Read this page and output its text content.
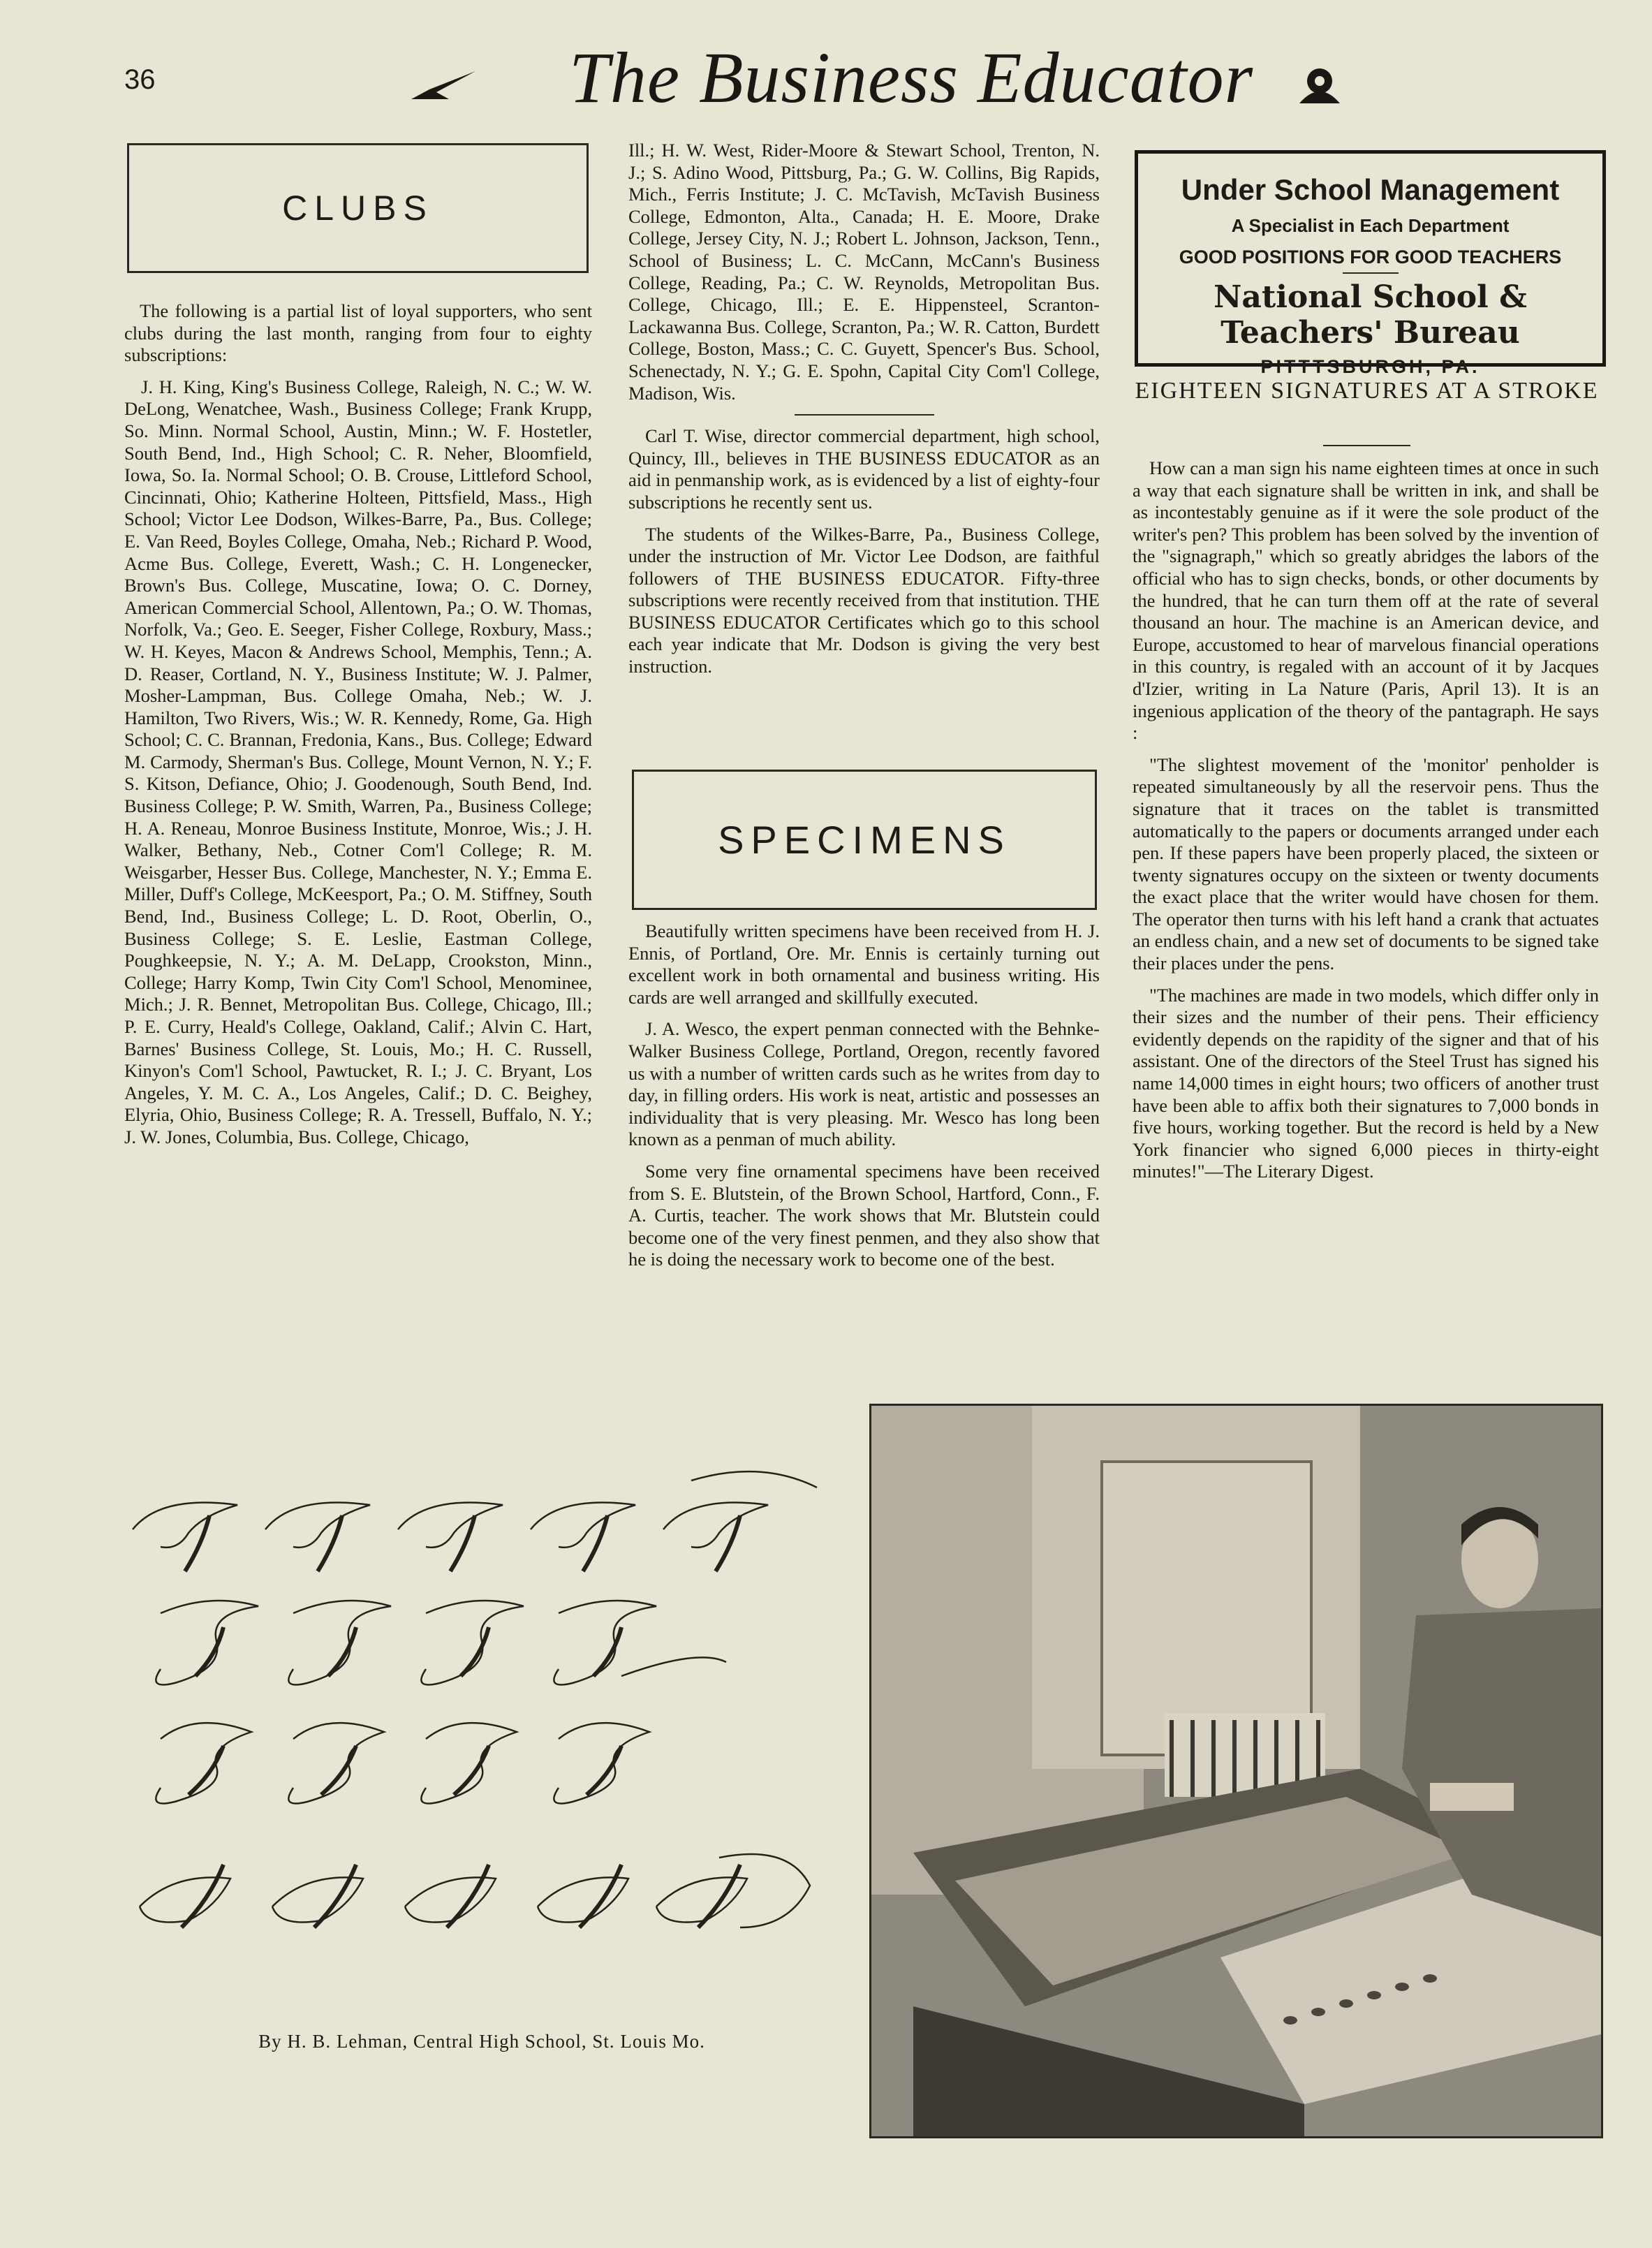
36	The Business Educator
CLUBS

The following is a partial list of loyal supporters, who sent clubs during the last month, ranging from four to eighty subscriptions:

J. H. King, King's Business College, Raleigh, N. C.; W. W. DeLong, Wenatchee, Wash., Business College; Frank Krupp, So. Minn. Normal School, Austin, Minn.; W. F. Hostetler, South Bend, Ind., High School; C. R. Neher, Bloomfield, Iowa, So. Ia. Normal School; O. B. Crouse, Littleford School, Cincinnati, Ohio; Katherine Holteen, Pittsfield, Mass., High School; Victor Lee Dodson, Wilkes-Barre, Pa., Bus. College; E. Van Reed, Boyles College, Omaha, Neb.; Richard P. Wood, Acme Bus. College, Everett, Wash.; C. H. Longenecker, Brown's Bus. College, Muscatine, Iowa; O. C. Dorney, American Commercial School, Allentown, Pa.; O. W. Thomas, Norfolk, Va.; Geo. E. Seeger, Fisher College, Roxbury, Mass.; W. H. Keyes, Macon & Andrews School, Memphis, Tenn.; A. D. Reaser, Cortland, N. Y., Business Institute; W. J. Palmer, Mosher-Lampman, Bus. College Omaha, Neb.; W. J. Hamilton, Two Rivers, Wis.; W. R. Kennedy, Rome, Ga. High School; C. C. Brannan, Fredonia, Kans., Bus. College; Edward M. Carmody, Sherman's Bus. College, Mount Vernon, N. Y.; F. S. Kitson, Defiance, Ohio; J. Goodenough, South Bend, Ind. Business College; P. W. Smith, Warren, Pa., Business College; H. A. Reneau, Monroe Business Institute, Monroe, Wis.; J. H. Walker, Bethany, Neb., Cotner Com'l College; R. M. Weisgarber, Hesser Bus. College, Manchester, N. Y.; Emma E. Miller, Duff's College, McKeesport, Pa.; O. M. Stiffney, South Bend, Ind., Business College; L. D. Root, Oberlin, O., Business College; S. E. Leslie, Eastman College, Poughkeepsie, N. Y.; A. M. DeLapp, Crookston, Minn., College; Harry Komp, Twin City Com'l School, Menominee, Mich.; J. R. Bennet, Metropolitan Bus. College, Chicago, Ill.; P. E. Curry, Heald's College, Oakland, Calif.; Alvin C. Hart, Barnes' Business College, St. Louis, Mo.; H. C. Russell, Kinyon's Com'l School, Pawtucket, R. I.; J. C. Bryant, Los Angeles, Y. M. C. A., Los Angeles, Calif.; D. C. Beighey, Elyria, Ohio, Business College; R. A. Tressell, Buffalo, N. Y.; J. W. Jones, Columbia, Bus. College, Chicago,

Ill.; H. W. West, Rider-Moore & Stewart School, Trenton, N. J.; S. Adino Wood, Pittsburg, Pa.; G. W. Collins, Big Rapids, Mich., Ferris Institute; J. C. McTavish, McTavish Business College, Edmonton, Alta., Canada; H. E. Moore, Drake College, Jersey City, N. J.; Robert L. Johnson, Jackson, Tenn., School of Business; L. C. McCann, McCann's Business College, Reading, Pa.; C. W. Reynolds, Metropolitan Bus. College, Chicago, Ill.; E. E. Hippensteel, Scranton-Lackawanna Bus. College, Scranton, Pa.; W. R. Catton, Burdett College, Boston, Mass.; C. C. Guyett, Spencer's Bus. School, Schenectady, N. Y.; G. E. Spohn, Capital City Com'l College, Madison, Wis.

Carl T. Wise, director commercial department, high school, Quincy, Ill., believes in THE BUSINESS EDUCATOR as an aid in penmanship work, as is evidenced by a list of eighty-four subscriptions he recently sent us.

The students of the Wilkes-Barre, Pa., Business College, under the instruction of Mr. Victor Lee Dodson, are faithful followers of THE BUSINESS EDUCATOR. Fifty-three subscriptions were recently received from that institution. THE BUSINESS EDUCATOR Certificates which go to this school each year indicate that Mr. Dodson is giving the very best instruction.

SPECIMENS

Beautifully written specimens have been received from H. J. Ennis, of Portland, Ore. Mr. Ennis is certainly turning out excellent work in both ornamental and business writing. His cards are well arranged and skillfully executed.

J. A. Wesco, the expert penman connected with the Behnke-Walker Business College, Portland, Oregon, recently favored us with a number of written cards such as he writes from day to day, in filling orders. His work is neat, artistic and possesses an individuality that is very pleasing. Mr. Wesco has long been known as a penman of much ability.

Some very fine ornamental specimens have been received from S. E. Blutstein, of the Brown School, Hartford, Conn., F. A. Curtis, teacher. The work shows that Mr. Blutstein could become one of the very finest penmen, and they also show that he is doing the necessary work to become one of the best.

Under School Management
A Specialist in Each Department
GOOD POSITIONS FOR GOOD TEACHERS
National School & Teachers' Bureau
PITTTSBURGH, PA.
EIGHTEEN SIGNATURES AT A STROKE

How can a man sign his name eighteen times at once in such a way that each signature shall be written in ink, and shall be as incontestably genuine as if it were the sole product of the writer's pen? This problem has been solved by the invention of the "signagraph," which so greatly abridges the labors of the official who has to sign checks, bonds, or other documents by the hundred, that he can turn them off at the rate of several thousand an hour. The machine is an American device, and Europe, accustomed to hear of marvelous financial operations in this country, is regaled with an account of it by Jacques d'Izier, writing in La Nature (Paris, April 13). It is an ingenious application of the theory of the pantagraph. He says :

"The slightest movement of the 'monitor' penholder is repeated simultaneously by all the reservoir pens. Thus the signature that it traces on the tablet is transmitted automatically to the papers or documents arranged under each pen. If these papers have been properly placed, the sixteen or twenty signatures occupy on the sixteen or twenty documents the exact place that the writer would have chosen for them. The operator then turns with his left hand a crank that actuates an endless chain, and a new set of documents to be signed take their places under the pens.

"The machines are made in two models, which differ only in their sizes and the number of their pens. Their efficiency evidently depends on the rapidity of the signer and that of his assistant. One of the directors of the Steel Trust has signed his name 14,000 times in eight hours; two officers of another trust have been able to affix both their signatures to 7,000 bonds in five hours, working together. But the record is held by a New York financier who signed 6,000 pieces in thirty-eight minutes!"—The Literary Digest.

By H. B. Lehman, Central High School, St. Louis Mo.
